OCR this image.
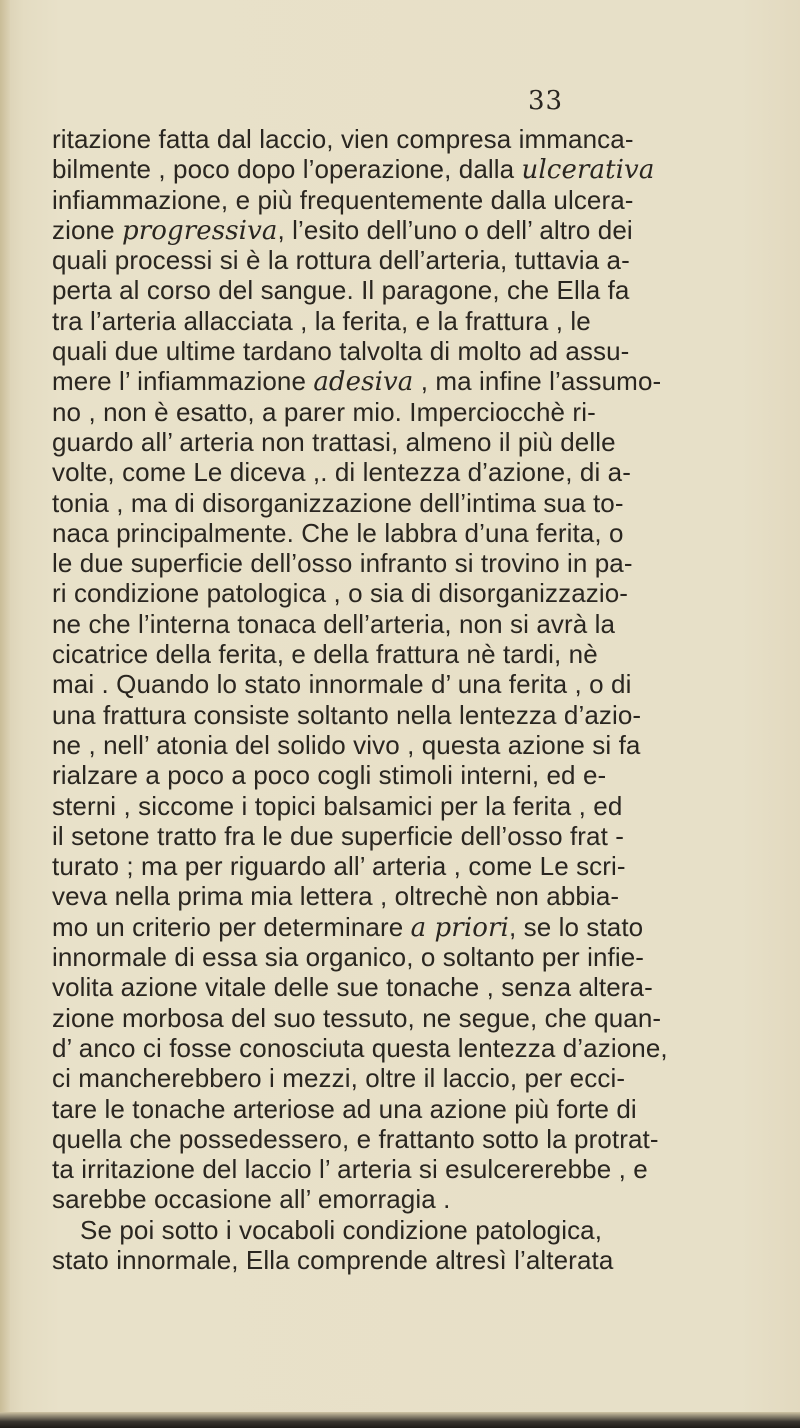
33
ritazione fatta dal laccio, vien compresa immanca-
bilmente , poco dopo l’operazione, dalla ulcerativa
infiammazione, e più frequentemente dalla ulcera-
zione progressiva, l’esito dell’uno o dell’ altro dei
quali processi si è la rottura dell’arteria, tuttavia a-
perta al corso del sangue. Il paragone, che Ella fa
tra l’arteria allacciata , la ferita, e la frattura , le
quali due ultime tardano talvolta di molto ad assu-
mere l’ infiammazione adesiva , ma infine l’assumo-
no , non è esatto, a parer mio. Imperciocchè ri-
guardo all’ arteria non trattasi, almeno il più delle
volte, come Le diceva ,. di lentezza d’azione, di a-
tonia , ma di disorganizzazione dell’intima sua to-
naca principalmente. Che le labbra d’una ferita, o
le due superficie dell’osso infranto si trovino in pa-
ri condizione patologica , o sia di disorganizzazio-
ne che l’interna tonaca dell’arteria, non si avrà la
cicatrice della ferita, e della frattura nè tardi, nè
mai . Quando lo stato innormale d’ una ferita , o di
una frattura consiste soltanto nella lentezza d’azio-
ne , nell’ atonia del solido vivo , questa azione si fa
rialzare a poco a poco cogli stimoli interni, ed e-
sterni , siccome i topici balsamici per la ferita , ed
il setone tratto fra le due superficie dell’osso frat -
turato ; ma per riguardo all’ arteria , come Le scri-
veva nella prima mia lettera , oltrechè non abbia-
mo un criterio per determinare a priori, se lo stato
innormale di essa sia organico, o soltanto per infie-
volita azione vitale delle sue tonache , senza altera-
zione morbosa del suo tessuto, ne segue, che quan-
d’ anco ci fosse conosciuta questa lentezza d’azione,
ci mancherebbero i mezzi, oltre il laccio, per ecci-
tare le tonache arteriose ad una azione più forte di
quella che possedessero, e frattanto sotto la protrat-
ta irritazione del laccio l’ arteria si esulcererebbe , e
sarebbe occasione all’ emorragia .
Se poi sotto i vocaboli condizione patologica,
stato innormale, Ella comprende altresì l’alterata
